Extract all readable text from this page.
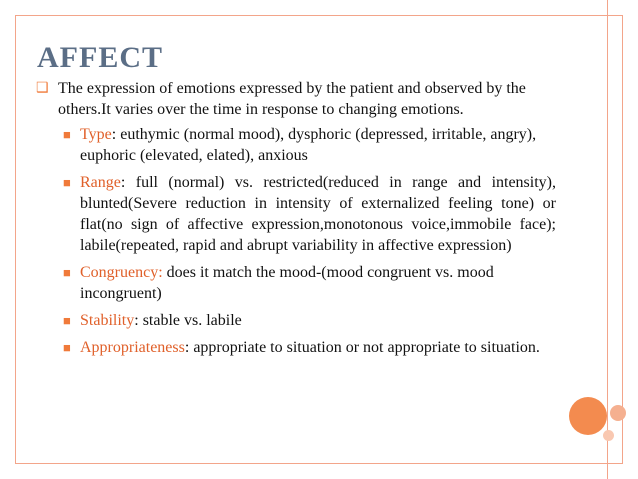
AFFECT
❑ The expression of emotions expressed by the patient and observed by the others.It varies over the time in response to changing emotions.
■ Type: euthymic (normal mood), dysphoric (depressed, irritable, angry), euphoric (elevated, elated), anxious
■ Range: full (normal) vs. restricted(reduced in range and intensity), blunted(Severe reduction in intensity of externalized feeling tone) or flat(no sign of affective expression,monotonous voice,immobile face); labile(repeated, rapid and abrupt variability in affective expression)
■ Congruency: does it match the mood-(mood congruent vs. mood incongruent)
■ Stability: stable vs. labile
■ Appropriateness: appropriate to situation or not appropriate to situation.
